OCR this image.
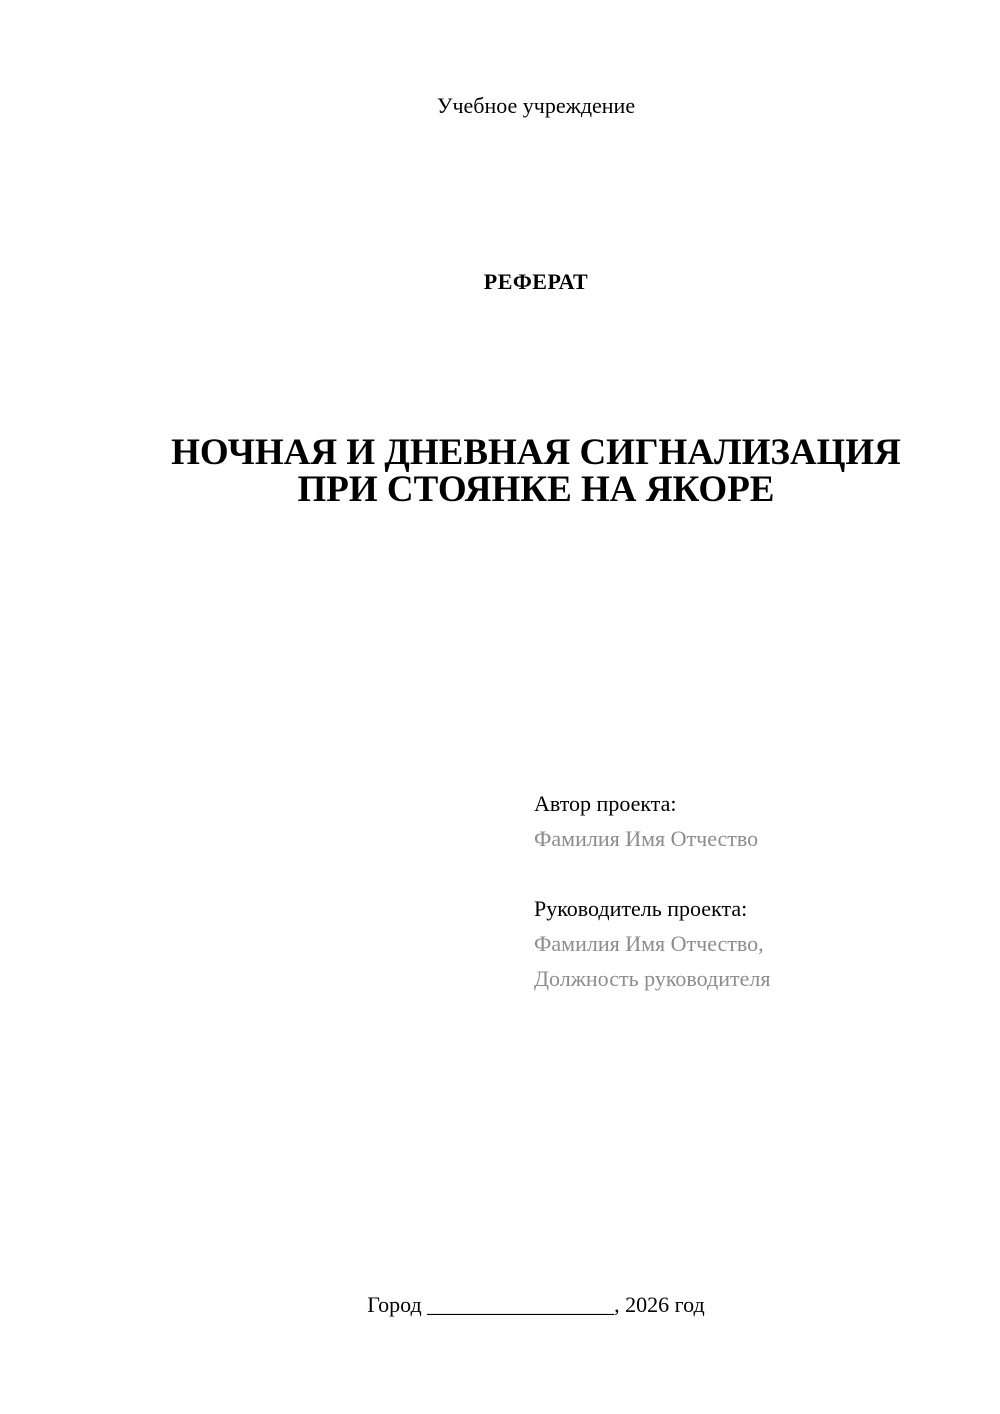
Учебное учреждение
РЕФЕРАТ
НОЧНАЯ И ДНЕВНАЯ СИГНАЛИЗАЦИЯ
ПРИ СТОЯНКЕ НА ЯКОРЕ
Автор проекта:
Фамилия Имя Отчество
Руководитель проекта:
Фамилия Имя Отчество,
Должность руководителя
Город _________________, 2026 год
